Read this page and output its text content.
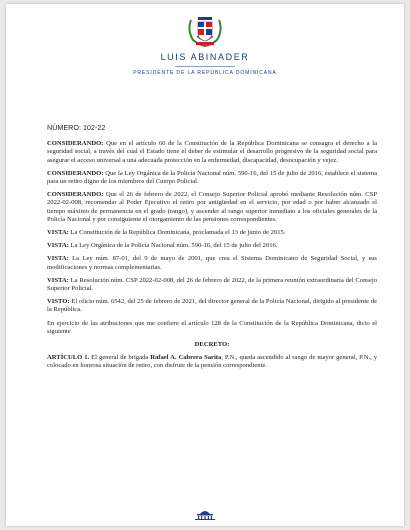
LUIS ABINADER
PRESIDENTE DE LA REPÚBLICA DOMINICANA
NÚMERO: 102-22

CONSIDERANDO: Que en el artículo 60 de la Constitución de la República Dominicana se consagra el derecho a la seguridad social, a través del cual el Estado tiene el deber de estimular el desarrollo progresivo de la seguridad social para asegurar el acceso universal a una adecuada protección en la enfermedad, discapacidad, desocupación y vejez.

CONSIDERANDO: Que la Ley Orgánica de la Policía Nacional núm. 590-16, del 15 de julio de 2016, establece el sistema para un retiro digno de los miembros del Cuerpo Policial.

CONSIDERANDO: Que el 26 de febrero de 2022, el Consejo Superior Policial aprobó mediante Resolución núm. CSP 2022-02-008, recomendar al Poder Ejecutivo el retiro por antigüedad en el servicio, por edad o por haber alcanzado el tiempo máximo de permanencia en el grado (rango), y ascender al rango superior inmediato a los oficiales generales de la Policía Nacional y por consiguiente el otorgamiento de las pensiones correspondientes.

VISTA: La Constitución de la República Dominicana, proclamada el 13 de junio de 2015.

VISTA: La Ley Orgánica de la Policía Nacional núm. 590-16, del 15 de julio del 2016.

VISTA: La Ley núm. 87-01, del 9 de mayo de 2001, que crea el Sistema Dominicano de Seguridad Social, y sus modificaciones y normas complementarias.

VISTA: La Resolución núm. CSP 2022-02-008, del 26 de febrero de 2022, de la primera reunión extraordinaria del Consejo Superior Policial.

VISTO: El oficio núm. 6542, del 25 de febrero de 2021, del director general de la Policía Nacional, dirigido al presidente de la República.

En ejercicio de las atribuciones que me confiere el artículo 128 de la Constitución de la República Dominicana, dicto el siguiente

DECRETO:

ARTÍCULO 1. El general de brigada Rafael A. Cabrera Sarita, P.N., queda ascendido al rango de mayor general, P.N., y colocado en honrosa situación de retiro, con disfrute de la pensión correspondiente.
